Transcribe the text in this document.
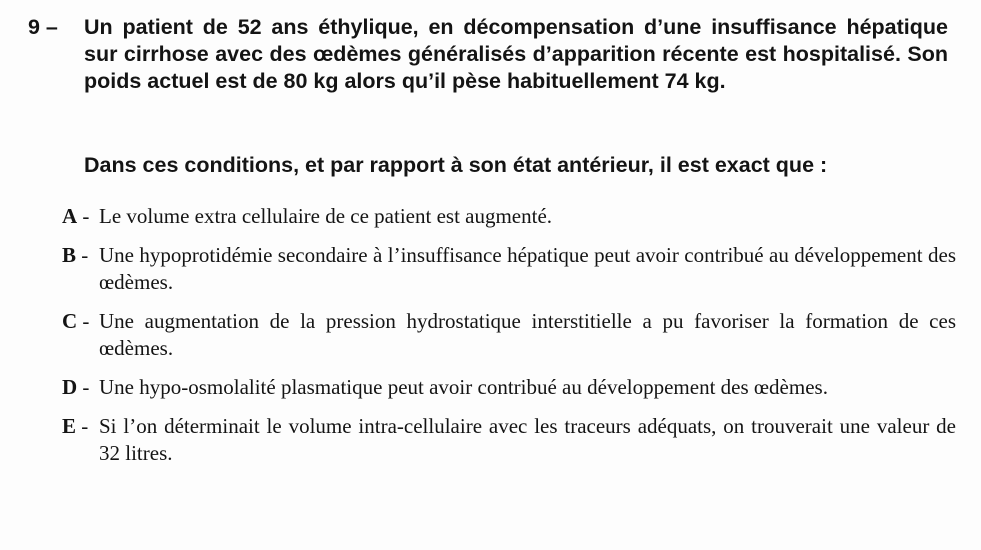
9 – Un patient de 52 ans éthylique, en décompensation d’une insuffisance hépatique sur cirrhose avec des œdèmes généralisés d’apparition récente est hospitalisé. Son poids actuel est de 80 kg alors qu’il pèse habituellement 74 kg.
Dans ces conditions, et par rapport à son état antérieur, il est exact que :
A - Le volume extra cellulaire de ce patient est augmenté.
B - Une hypoprotidémie secondaire à l’insuffisance hépatique peut avoir contribué au développement des œdèmes.
C - Une augmentation de la pression hydrostatique interstitielle a pu favoriser la formation de ces œdèmes.
D - Une hypo-osmolalité plasmatique peut avoir contribué au développement des œdèmes.
E - Si l’on déterminait le volume intra-cellulaire avec les traceurs adéquats, on trouverait une valeur de 32 litres.
